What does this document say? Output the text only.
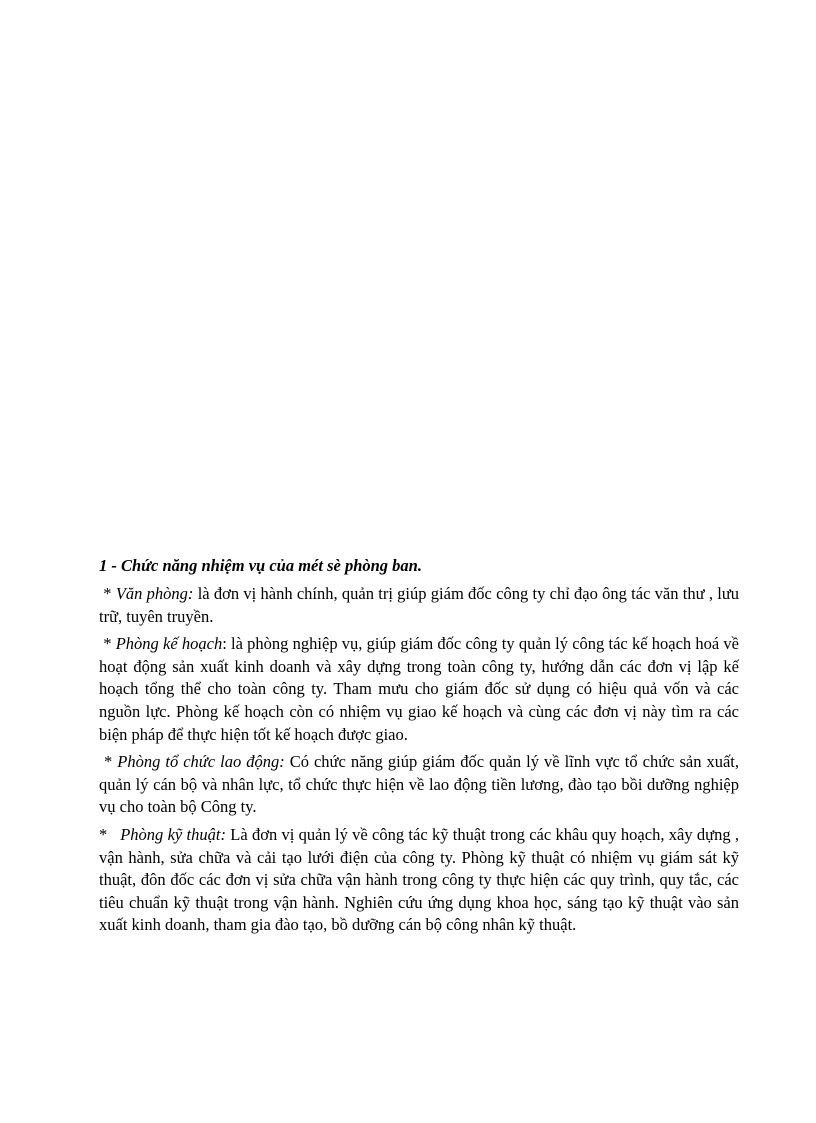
1 - Chức năng nhiệm vụ của mét sè phòng ban.

* Văn phòng: là đơn vị hành chính, quản trị giúp giám đốc công ty chỉ đạo ông tác văn thư , lưu trữ, tuyên truyền.

* Phòng kế hoạch: là phòng nghiệp vụ, giúp giám đốc công ty quản lý công tác kế hoạch hoá về hoạt động sản xuất kinh doanh và xây dựng trong toàn công ty, hướng dẫn các đơn vị lập kế hoạch tổng thể cho toàn công ty. Tham mưu cho giám đốc sử dụng có hiệu quả vốn và các nguồn lực. Phòng kế hoạch còn có nhiệm vụ giao kế hoạch và cùng các đơn vị này tìm ra các biện pháp để thực hiện tốt kế hoạch được giao.

* Phòng tổ chức lao động: Có chức năng giúp giám đốc quản lý về lĩnh vực tổ chức sản xuất, quản lý cán bộ và nhân lực, tổ chức thực hiện về lao động tiền lương, đào tạo bồi dưỡng nghiệp vụ cho toàn bộ Công ty.

*   Phòng kỹ thuật: Là đơn vị quản lý về công tác kỹ thuật trong các khâu quy hoạch, xây dựng , vận hành, sửa chữa và cải tạo lưới điện của công ty. Phòng kỹ thuật có nhiệm vụ giám sát kỹ thuật, đôn đốc các đơn vị sửa chữa vận hành trong công ty thực hiện các quy trình, quy tắc, các tiêu chuẩn kỹ thuật trong vận hành. Nghiên cứu ứng dụng khoa học, sáng tạo kỹ thuật vào sản xuất kinh doanh, tham gia đào tạo, bồ dưỡng cán bộ công nhân kỹ thuật.
